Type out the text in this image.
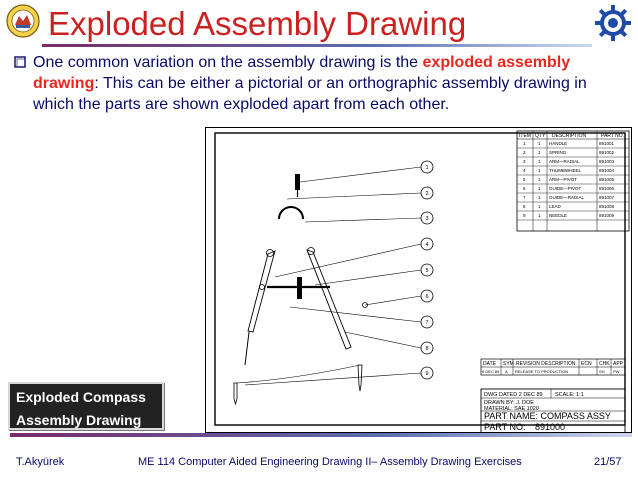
Exploded Assembly Drawing

One common variation on the assembly drawing is the exploded assembly drawing: This can be either a pictorial or an orthographic assembly drawing in which the parts are shown exploded apart from each other.

ITEM QTY DESCRIPTION	PART NO.
1	1 HANDLE	891001
2	1 SPRING	891002
3	1 ARM—RADIAL	891003
4	1 THUMBWHEEL	891004
5	1 ARM—PIVOT	891005
6	1 GUIDE—PIVOT	891006
7	1 GUIDE—RADIAL	891007
8	1 LEAD	891008
9	1 NEEDLE	891009
1
2
3
4
5
6
7
8
9
DATE SYM REVISION DESCRIPTION ECN CHK APP
6 DEC 89 A RELEASE TO PRODUCTION	SH PW
DWG DATED 2 DEC 89 SCALE: 1:1
DRAWN BY: J. DOE
MATERIAL: SAE 1020
PART NAME: COMPASS ASSY
PART NO: 891000

Exploded Compass

Assembly Drawing

T.Akyürek	ME 114 Computer Aided Engineering Drawing II– Assembly Drawing Exercises	21/57
